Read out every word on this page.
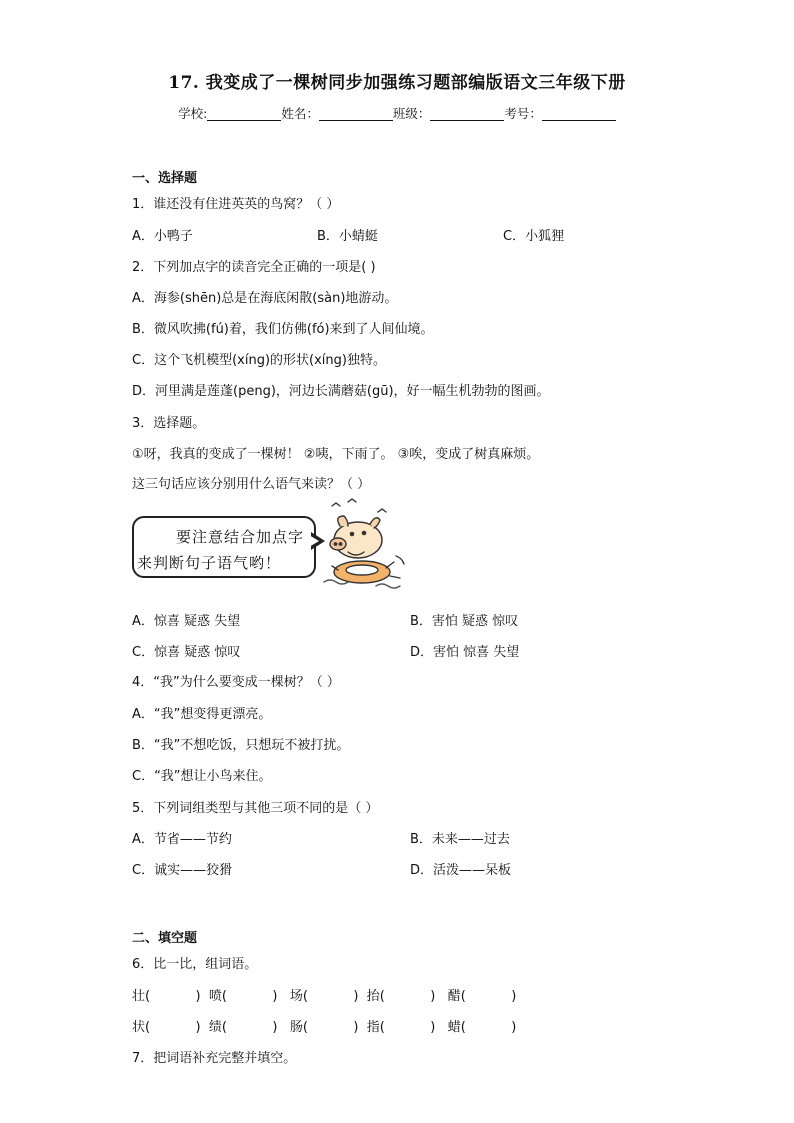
17. 我变成了一棵树同步加强练习题部编版语文三年级下册
学校:	姓名：	班级：	考号：
一、选择题
1．谁还没有住进英英的鸟窝？（ ）
A．小鸭子	B．小蜻蜓	C．小狐狸
2．下列加点字的读音完全正确的一项是( )
A．海参(shēn)总是在海底闲散(sàn)地游动。
B．微风吹拂(fú)着，我们仿佛(fó)来到了人间仙境。
C．这个飞机模型(xíng)的形状(xíng)独特。
D．河里满是莲蓬(peng)，河边长满蘑菇(gū)，好一幅生机勃勃的图画。
3．选择题。
①呀，我真的变成了一棵树！ ②咦，下雨了。 ③唉，变成了树真麻烦。
这三句话应该分别用什么语气来读？（ ）
要注意结合加点字
来判断句子语气哟！
A．惊喜 疑惑 失望	B．害怕 疑惑 惊叹
C．惊喜 疑惑 惊叹	D．害怕 惊喜 失望
4．“我”为什么要变成一棵树？（ ）
A．“我”想变得更漂亮。
B．“我”不想吃饭，只想玩不被打扰。
C．“我”想让小鸟来住。
5．下列词组类型与其他三项不同的是（ ）
A．节省——节约	B．未来——过去
C．诚实——狡猾	D．活泼——呆板
二、填空题
6．比一比，组词语。
壮(           )  喷(           )   场(           )  抬(           )   醋(           )
状(           )  绩(           )   肠(           )  指(           )   蜡(           )
7．把词语补充完整并填空。
